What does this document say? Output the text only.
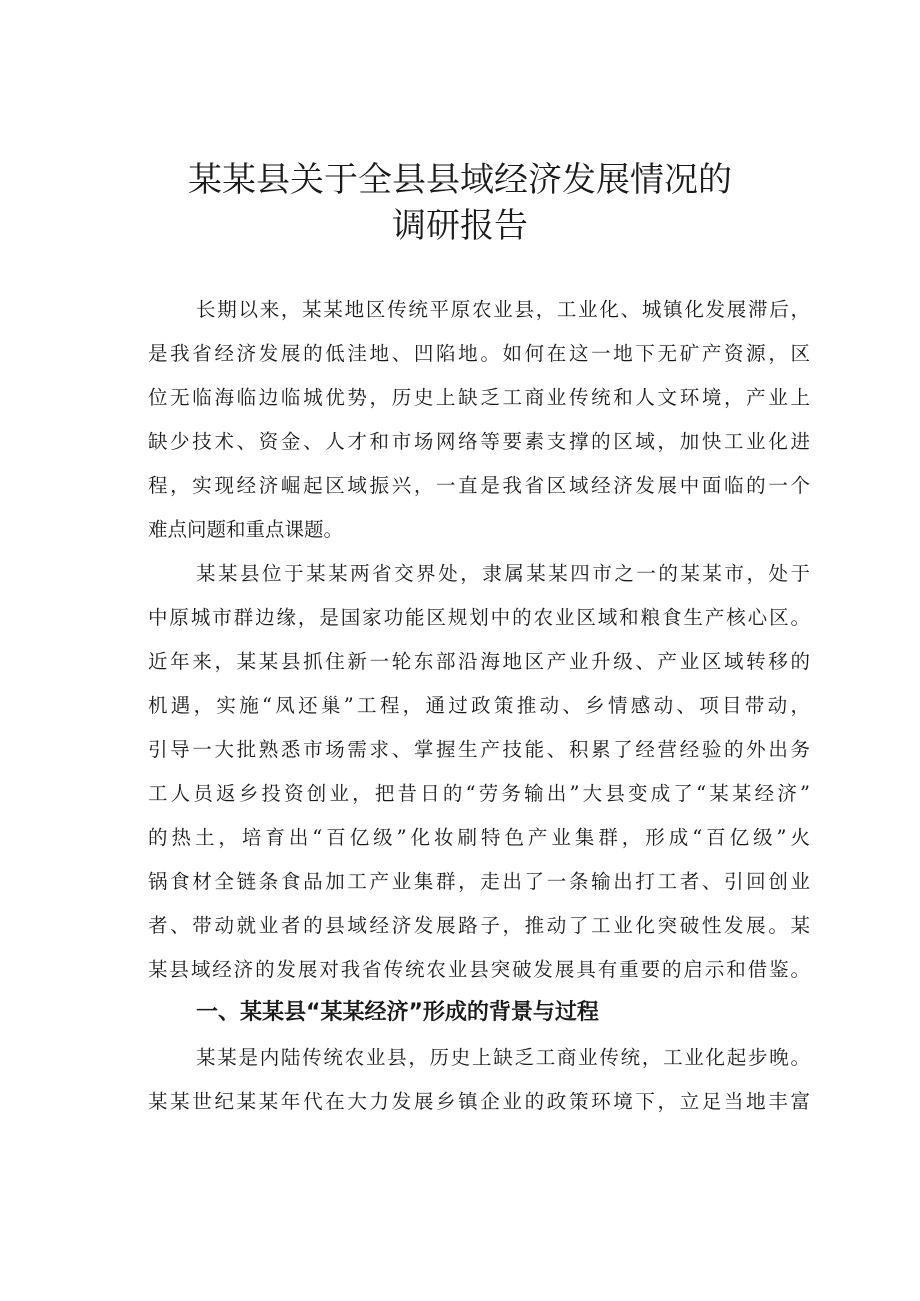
某某县关于全县县域经济发展情况的
调研报告

长期以来，某某地区传统平原农业县，工业化、城镇化发展滞后，

是我省经济发展的低洼地、凹陷地。如何在这一地下无矿产资源，区

位无临海临边临城优势，历史上缺乏工商业传统和人文环境，产业上

缺少技术、资金、人才和市场网络等要素支撑的区域，加快工业化进

程，实现经济崛起区域振兴，一直是我省区域经济发展中面临的一个

难点问题和重点课题。

某某县位于某某两省交界处，隶属某某四市之一的某某市，处于

中原城市群边缘，是国家功能区规划中的农业区域和粮食生产核心区。

近年来，某某县抓住新一轮东部沿海地区产业升级、产业区域转移的

机遇，实施“凤还巢”工程，通过政策推动、乡情感动、项目带动，

引导一大批熟悉市场需求、掌握生产技能、积累了经营经验的外出务

工人员返乡投资创业，把昔日的“劳务输出”大县变成了“某某经济”

的热土，培育出“百亿级”化妆刷特色产业集群，形成“百亿级”火

锅食材全链条食品加工产业集群，走出了一条输出打工者、引回创业

者、带动就业者的县域经济发展路子，推动了工业化突破性发展。某

某县域经济的发展对我省传统农业县突破发展具有重要的启示和借鉴。

一、某某县“某某经济”形成的背景与过程

某某是内陆传统农业县，历史上缺乏工商业传统，工业化起步晚。

某某世纪某某年代在大力发展乡镇企业的政策环境下，立足当地丰富
